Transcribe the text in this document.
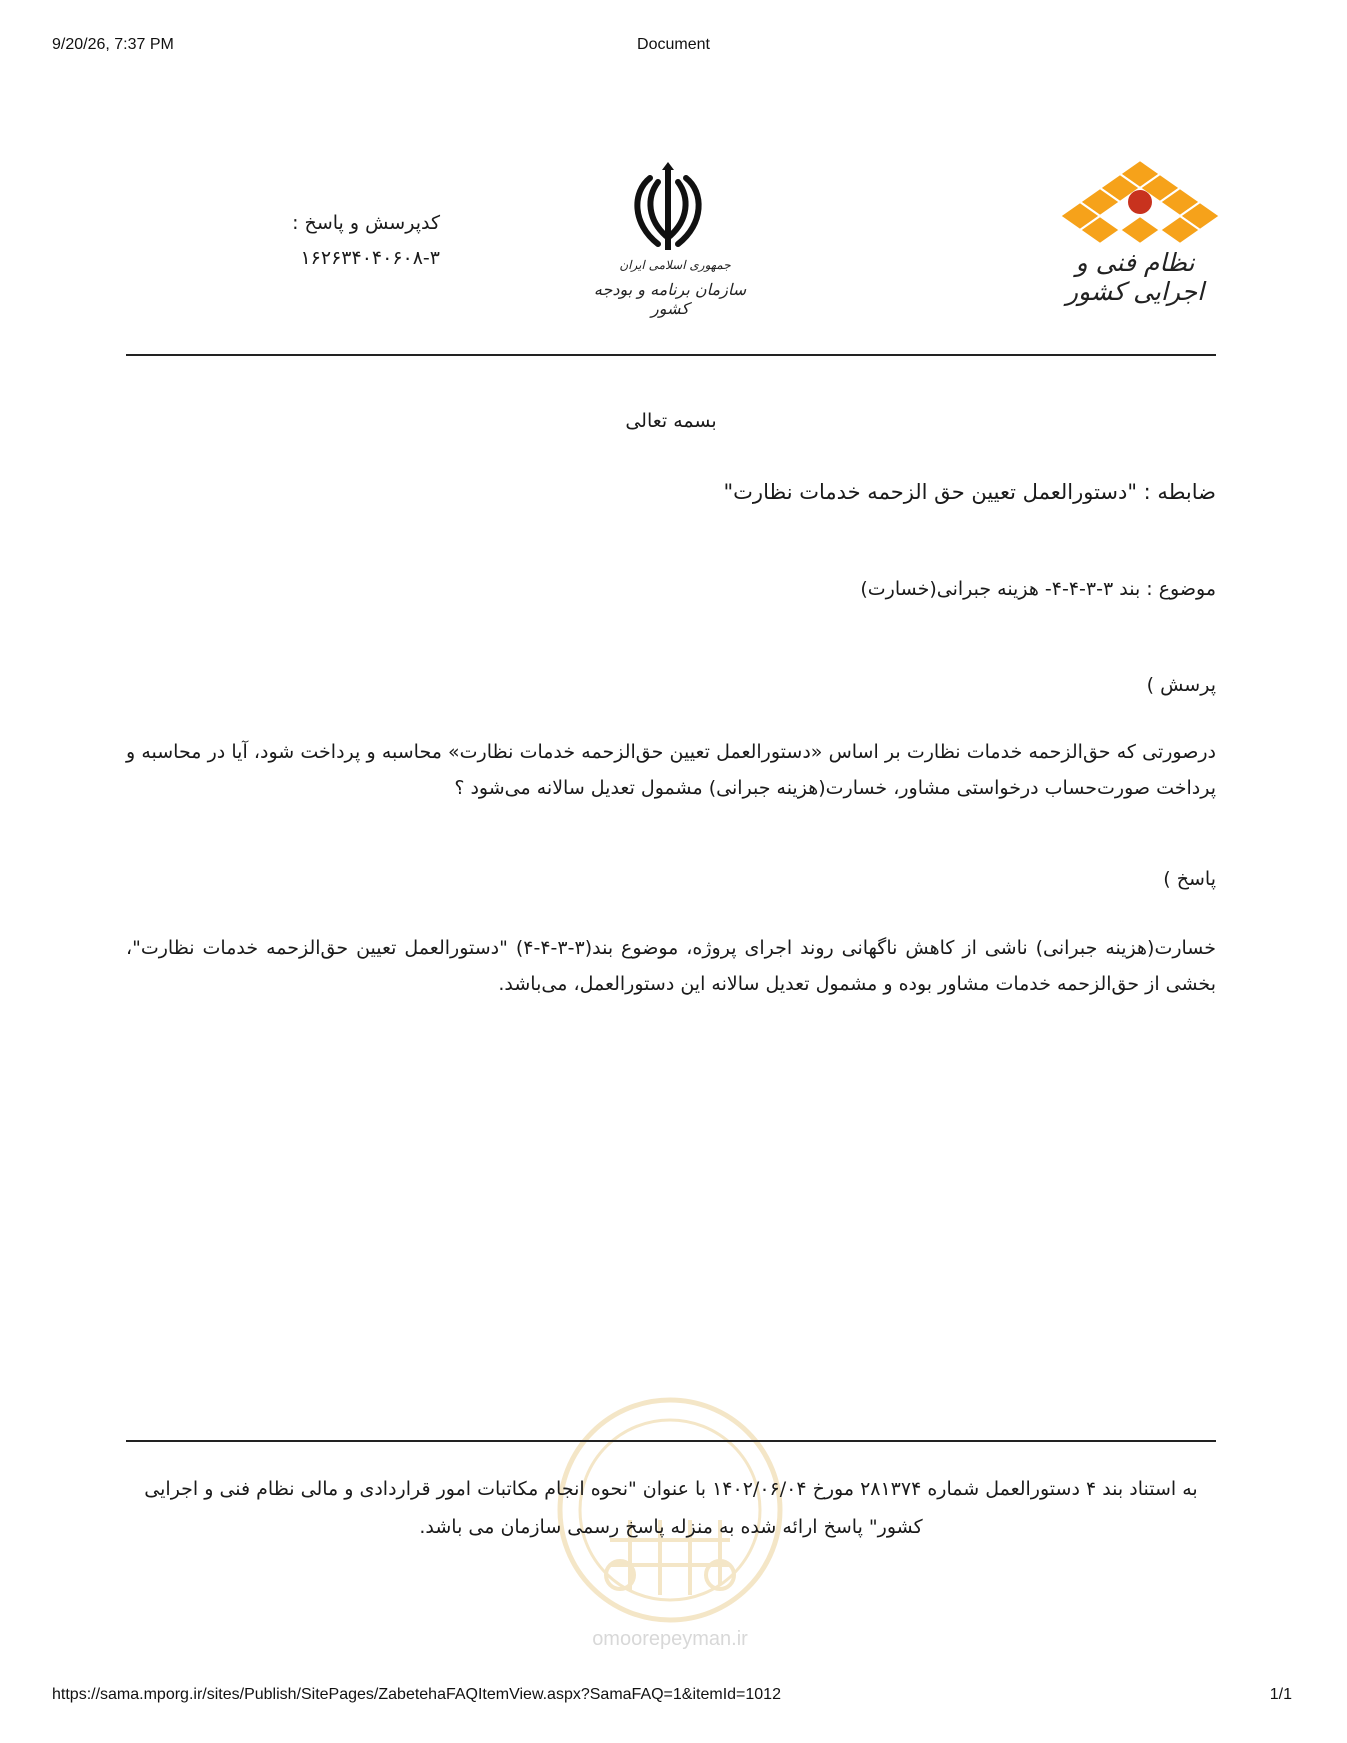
9/20/26, 7:37 PM	Document
نظام فنی و اجرایی کشور
جمهوری اسلامی ایران
سازمان برنامه و بودجه کشور
کدپرسش و پاسخ :
۱۶۲۶۳۴۰۴۰۶۰۸-۳
بسمه تعالی
ضابطه : "دستورالعمل تعیین حق الزحمه خدمات نظارت"
موضوع : بند ۳-۳-۴-۴- هزینه جبرانی(خسارت)
پرسش )
درصورتی که حق‌الزحمه خدمات نظارت بر اساس «دستورالعمل تعیین حق‌الزحمه خدمات نظارت» محاسبه و پرداخت شود، آیا در محاسبه و پرداخت صورت‌حساب درخواستی مشاور، خسارت(هزینه جبرانی) مشمول تعدیل سالانه می‌شود ؟
پاسخ )
خسارت(هزینه جبرانی) ناشی از کاهش ناگهانی روند اجرای پروژه، موضوع بند(۳-۳-۴-۴) "دستورالعمل تعیین حق‌الزحمه خدمات نظارت"، بخشی از حق‌الزحمه خدمات مشاور بوده و مشمول تعدیل سالانه این دستورالعمل، می‌باشد.
omoorepeyman.ir
به استناد بند ۴ دستورالعمل شماره ۲۸۱۳۷۴ مورخ ۱۴۰۲/۰۶/۰۴ با عنوان "نحوه انجام مکاتبات امور قراردادی و مالی نظام فنی و اجرایی کشور" پاسخ ارائه شده به منزله پاسخ رسمی سازمان می باشد.
https://sama.mporg.ir/sites/Publish/SitePages/ZabetehaFAQItemView.aspx?SamaFAQ=1&itemId=1012	1/1
